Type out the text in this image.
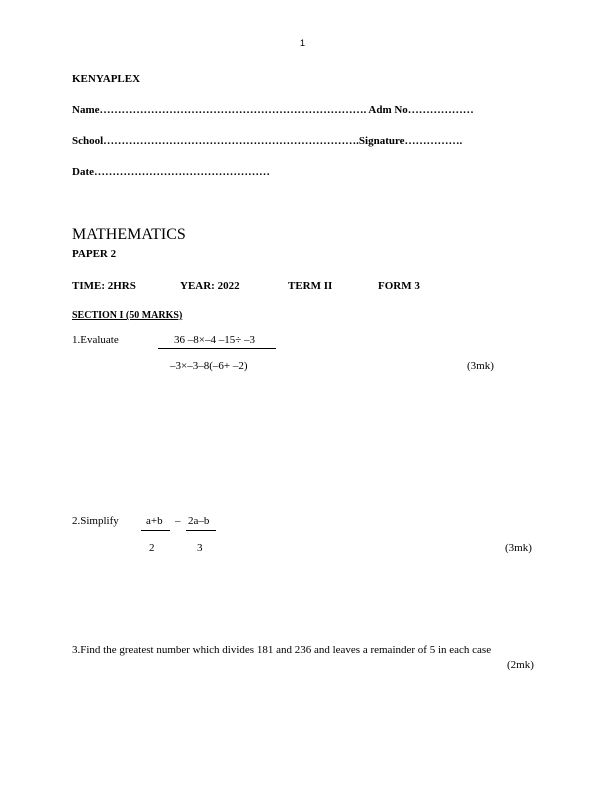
1
KENYAPLEX
Name………………………………………………………………. Adm No………………
School…………………………………………………………….Signature…………….
Date…………………………………………
MATHEMATICS
PAPER 2
TIME: 2HRS	YEAR: 2022	TERM II	FORM 3
SECTION I (50 MARKS)
1.Evaluate	36 –8×–4 –15÷ –3
–3×–3–8(–6+ –2)	(3mk)
2.Simplify a+b
2
– 2a–b
3	(3mk)
3.Find the greatest number which divides 181 and 236 and leaves a remainder of 5 in each case
(2mk)
